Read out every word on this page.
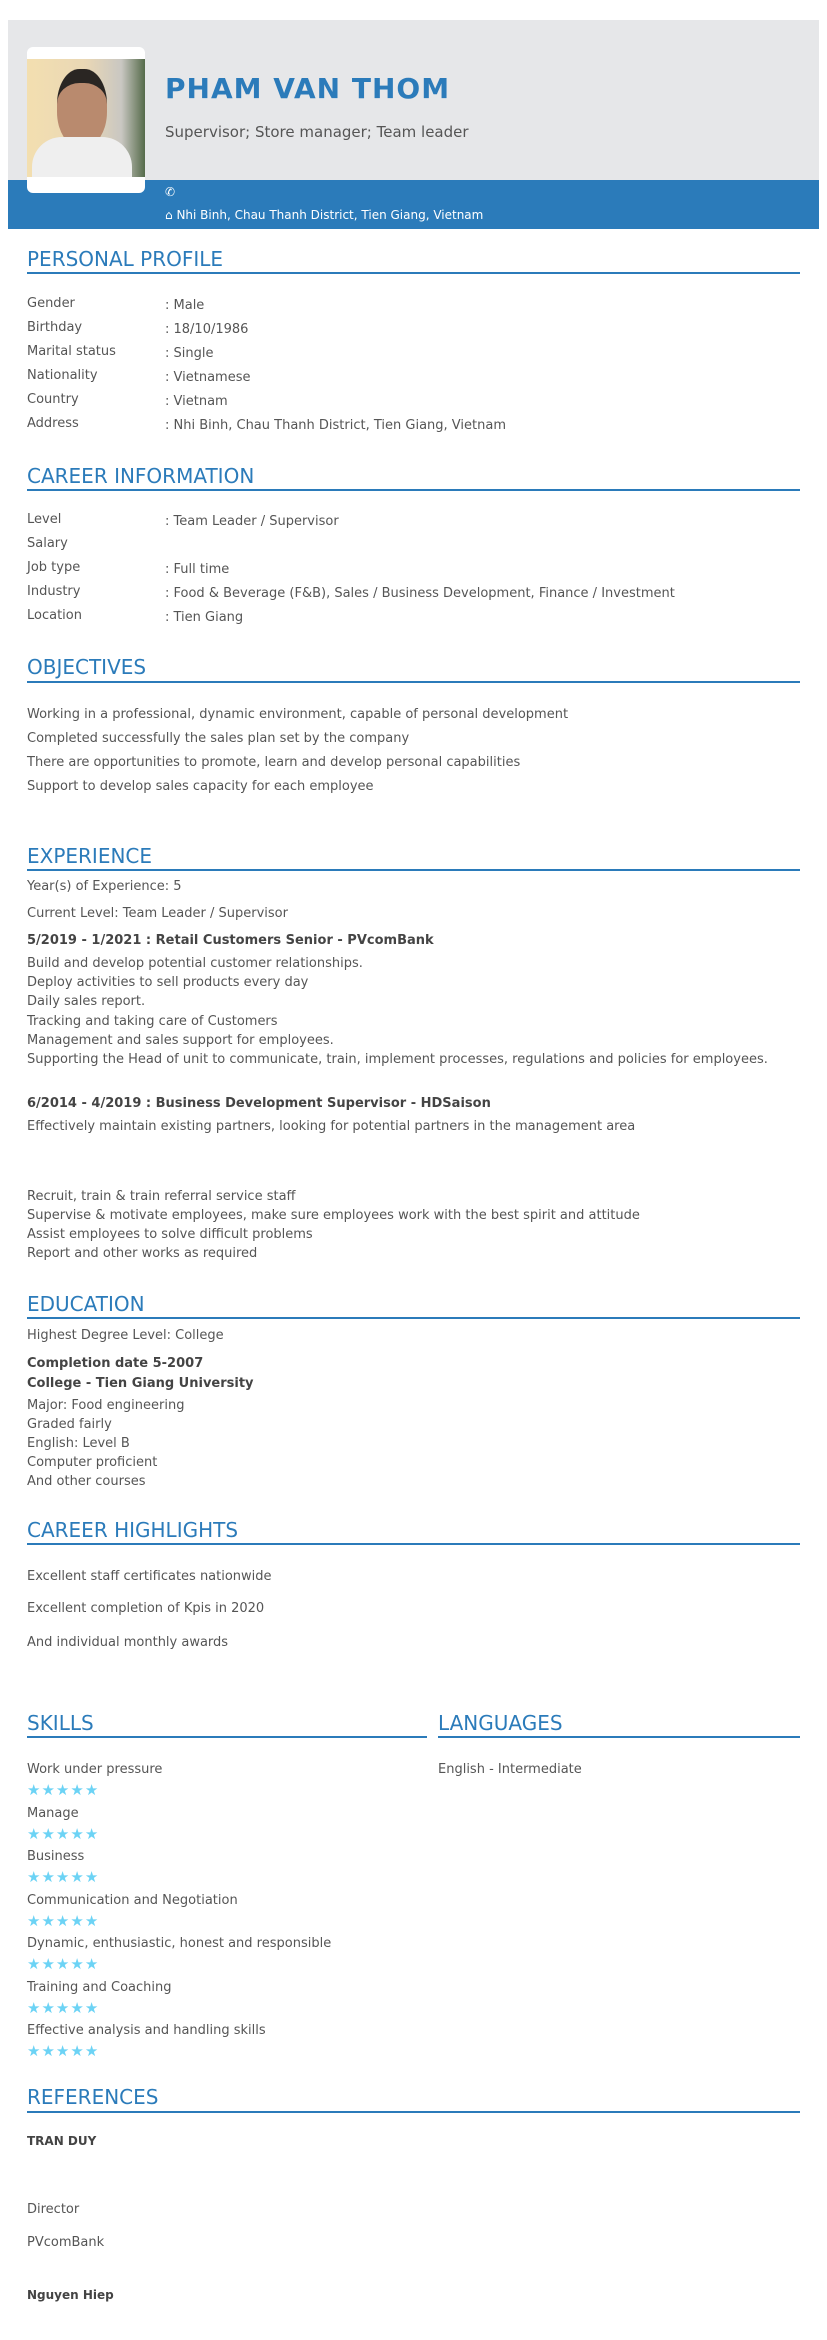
PHAM VAN THOM
Supervisor; Store manager; Team leader
✆
⌂ Nhi Binh, Chau Thanh District, Tien Giang, Vietnam
PERSONAL PROFILE
Gender	: Male
Birthday	: 18/10/1986
Marital status	: Single
Nationality	: Vietnamese
Country	: Vietnam
Address	: Nhi Binh, Chau Thanh District, Tien Giang, Vietnam
CAREER INFORMATION
Level	: Team Leader / Supervisor
Salary
Job type	: Full time
Industry	: Food & Beverage (F&B), Sales / Business Development, Finance / Investment
Location	: Tien Giang
OBJECTIVES
Working in a professional, dynamic environment, capable of personal development
Completed successfully the sales plan set by the company
There are opportunities to promote, learn and develop personal capabilities
Support to develop sales capacity for each employee
EXPERIENCE
Year(s) of Experience: 5
Current Level: Team Leader / Supervisor
5/2019 - 1/2021 : Retail Customers Senior - PVcomBank
Build and develop potential customer relationships.
Deploy activities to sell products every day
Daily sales report.
Tracking and taking care of Customers
Management and sales support for employees.
Supporting the Head of unit to communicate, train, implement processes, regulations and policies for employees.
6/2014 - 4/2019 : Business Development Supervisor - HDSaison
Effectively maintain existing partners, looking for potential partners in the management area
Recruit, train & train referral service staff
Supervise & motivate employees, make sure employees work with the best spirit and attitude
Assist employees to solve difficult problems
Report and other works as required
EDUCATION
Highest Degree Level: College
Completion date 5-2007
College - Tien Giang University
Major: Food engineering
Graded fairly
English: Level B
Computer proficient
And other courses
CAREER HIGHLIGHTS
Excellent staff certificates nationwide
Excellent completion of Kpis in 2020
And individual monthly awards
SKILLS	LANGUAGES
English - Intermediate
Work under pressure
★★★★★
Manage
★★★★★
Business
★★★★★
Communication and Negotiation
★★★★★
Dynamic, enthusiastic, honest and responsible
★★★★★
Training and Coaching
★★★★★
Effective analysis and handling skills
★★★★★
REFERENCES
TRAN DUY
Director
PVcomBank
Nguyen Hiep
